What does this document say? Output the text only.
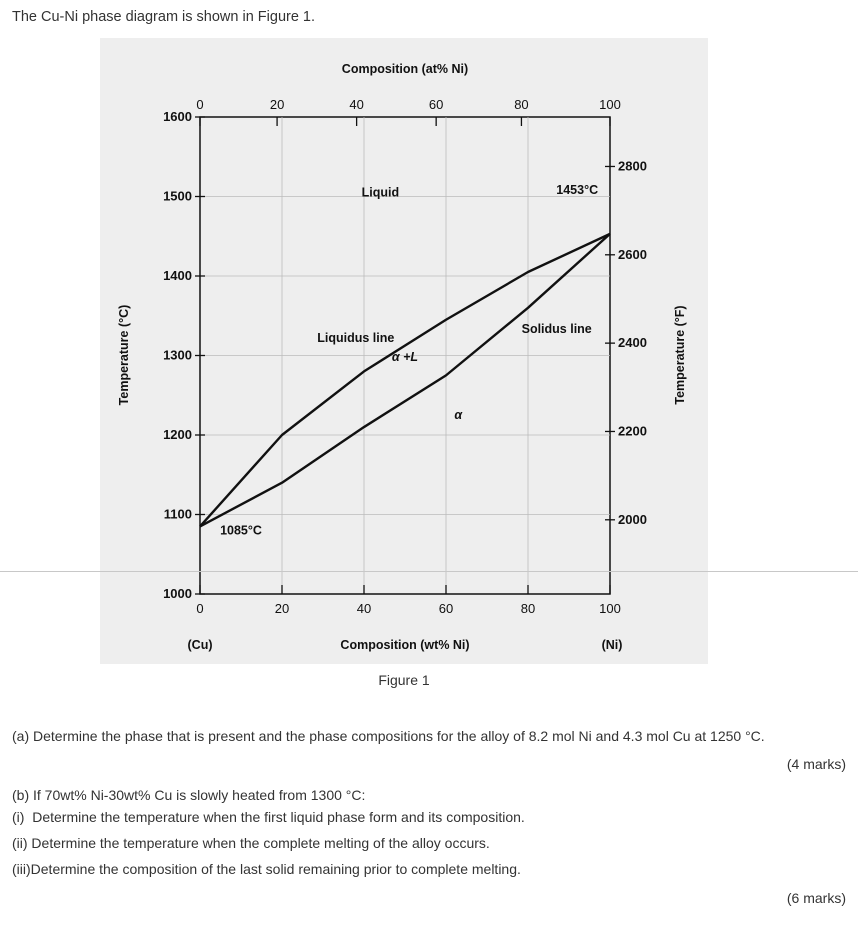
The Cu-Ni phase diagram is shown in Figure 1.
Composition (at% Ni)
Composition (wt% Ni)
Temperature (°C)	Temperature (°F)
(Cu)	(Ni)
0	20	40	60	80	100
0	20	40	60	80	100
1000
1100
1200
1300
1400
1500
1600
2000
2200
2400
2600
2800
Liquid
Liquidus line
α +L
Solidus line
α
1453°C
1085°C
Figure 1
(a) Determine the phase that is present and the phase compositions for the alloy of 8.2 mol Ni and 4.3 mol Cu at 1250 °C.
(4 marks)
(b) If 70wt% Ni-30wt% Cu is slowly heated from 1300 °C:
(i)  Determine the temperature when the first liquid phase form and its composition.
(ii) Determine the temperature when the complete melting of the alloy occurs.
(iii)Determine the composition of the last solid remaining prior to complete melting.
(6 marks)
